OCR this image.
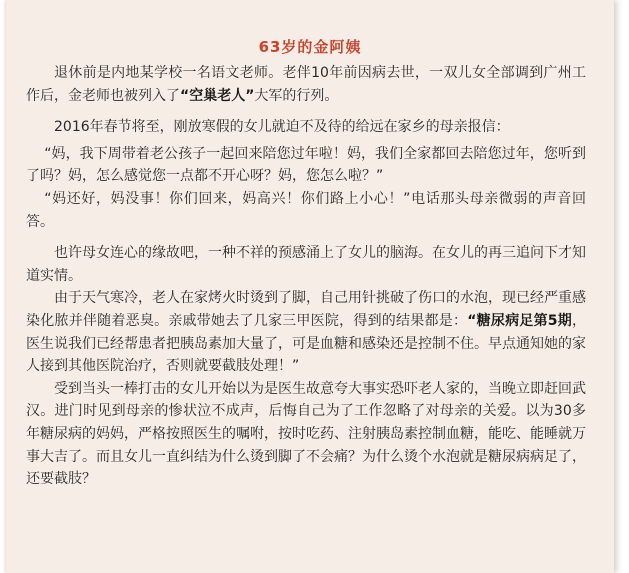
63岁的金阿姨

退休前是内地某学校一名语文老师。老伴10年前因病去世，一双儿女全部调到广州工作后，金老师也被列入了“空巢老人”大军的行列。

2016年春节将至，刚放寒假的女儿就迫不及待的给远在家乡的母亲报信：

“妈，我下周带着老公孩子一起回来陪您过年啦！妈，我们全家都回去陪您过年，您听到了吗？妈，怎么感觉您一点都不开心呀？妈，您怎么啦？”

“妈还好，妈没事！你们回来，妈高兴！你们路上小心！”电话那头母亲微弱的声音回答。

也许母女连心的缘故吧，一种不祥的预感涌上了女儿的脑海。在女儿的再三追问下才知道实情。

由于天气寒冷，老人在家烤火时烫到了脚，自己用针挑破了伤口的水泡，现已经严重感染化脓并伴随着恶臭。亲戚带她去了几家三甲医院，得到的结果都是：“糖尿病足第5期，医生说我们已经帮患者把胰岛素加大量了，可是血糖和感染还是控制不住。早点通知她的家人接到其他医院治疗，否则就要截肢处理！”

受到当头一棒打击的女儿开始以为是医生故意夸大事实恐吓老人家的，当晚立即赶回武汉。进门时见到母亲的惨状泣不成声，后悔自己为了工作忽略了对母亲的关爱。以为30多年糖尿病的妈妈，严格按照医生的嘱咐，按时吃药、注射胰岛素控制血糖，能吃、能睡就万事大吉了。而且女儿一直纠结为什么烫到脚了不会痛？为什么烫个水泡就是糖尿病病足了，还要截肢？
